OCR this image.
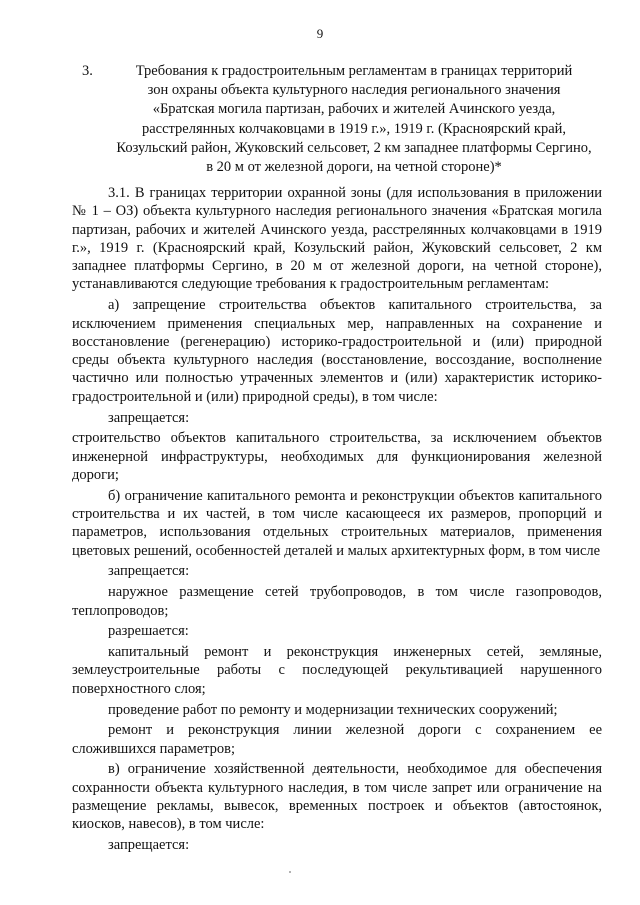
9
3.	Требования к градостроительным регламентам в границах территорий
зон охраны объекта культурного наследия регионального значения
«Братская могила партизан, рабочих и жителей Ачинского уезда,
расстрелянных колчаковцами в 1919 г.», 1919 г. (Красноярский край,
Козульский район, Жуковский сельсовет, 2 км западнее платформы Сергино,
в 20 м от железной дороги, на четной стороне)*

3.1. В границах территории охранной зоны (для использования в приложении № 1 – ОЗ) объекта культурного наследия регионального значения «Братская могила партизан, рабочих и жителей Ачинского уезда, расстрелянных колчаковцами в 1919 г.», 1919 г. (Красноярский край, Козульский район, Жуковский сельсовет, 2 км западнее платформы Сергино, в 20 м от железной дороги, на четной стороне), устанавливаются следующие требования к градостроительным регламентам:

а) запрещение строительства объектов капитального строительства, за исключением применения специальных мер, направленных на сохранение и восстановление (регенерацию) историко-градостроительной и (или) природной среды объекта культурного наследия (восстановление, воссоздание, восполнение частично или полностью утраченных элементов и (или) характеристик историко-градостроительной и (или) природной среды), в том числе:

запрещается:

строительство объектов капитального строительства, за исключением объектов инженерной инфраструктуры, необходимых для функционирования железной дороги;

б) ограничение капитального ремонта и реконструкции объектов капитального строительства и их частей, в том числе касающееся их размеров, пропорций и параметров, использования отдельных строительных материалов, применения цветовых решений, особенностей деталей и малых архитектурных форм, в том числе

запрещается:

наружное размещение сетей трубопроводов, в том числе газопроводов, теплопроводов;

разрешается:

капитальный ремонт и реконструкция инженерных сетей, земляные, землеустроительные работы с последующей рекультивацией нарушенного поверхностного слоя;

проведение работ по ремонту и модернизации технических сооружений;

ремонт и реконструкция линии железной дороги с сохранением ее сложившихся параметров;

в) ограничение хозяйственной деятельности, необходимое для обеспечения сохранности объекта культурного наследия, в том числе запрет или ограничение на размещение рекламы, вывесок, временных построек и объектов (автостоянок, киосков, навесов), в том числе:

запрещается:
